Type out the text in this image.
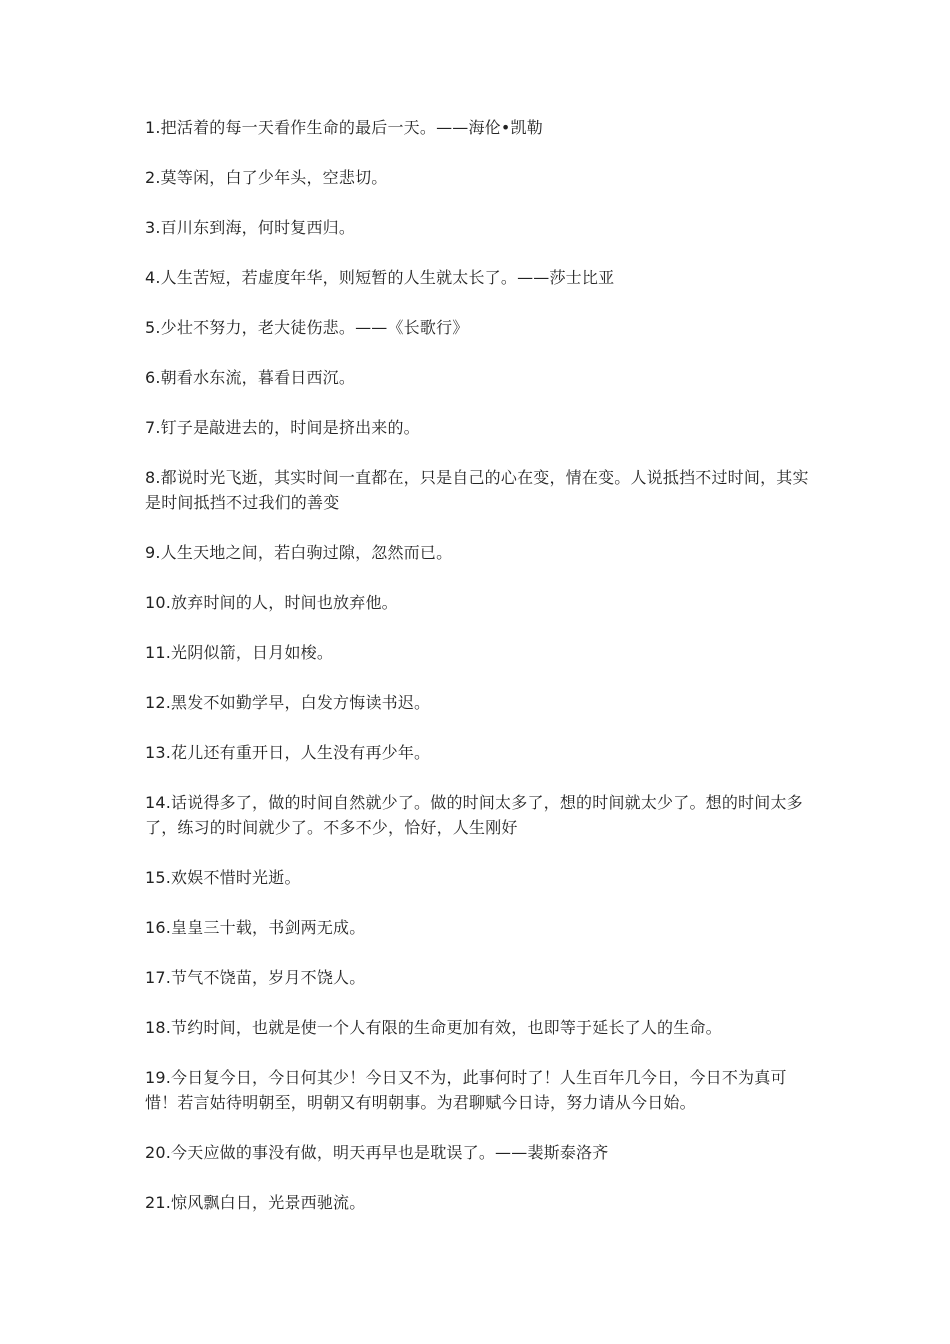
1.把活着的每一天看作生命的最后一天。——海伦•凯勒

2.莫等闲，白了少年头，空悲切。

3.百川东到海，何时复西归。

4.人生苦短，若虚度年华，则短暂的人生就太长了。——莎士比亚

5.少壮不努力，老大徒伤悲。——《长歌行》

6.朝看水东流，暮看日西沉。

7.钉子是敲进去的，时间是挤出来的。

8.都说时光飞逝，其实时间一直都在，只是自己的心在变，情在变。人说抵挡不过时间，其实是时间抵挡不过我们的善变

9.人生天地之间，若白驹过隙，忽然而已。

10.放弃时间的人，时间也放弃他。

11.光阴似箭，日月如梭。

12.黑发不如勤学早，白发方悔读书迟。

13.花儿还有重开日，人生没有再少年。

14.话说得多了，做的时间自然就少了。做的时间太多了，想的时间就太少了。想的时间太多了，练习的时间就少了。不多不少，恰好，人生刚好

15.欢娱不惜时光逝。

16.皇皇三十载，书剑两无成。

17.节气不饶苗，岁月不饶人。

18.节约时间，也就是使一个人有限的生命更加有效，也即等于延长了人的生命。

19.今日复今日，今日何其少！今日又不为，此事何时了！人生百年几今日，今日不为真可惜！若言姑待明朝至，明朝又有明朝事。为君聊赋今日诗，努力请从今日始。

20.今天应做的事没有做，明天再早也是耽误了。——裴斯泰洛齐

21.惊风飘白日，光景西驰流。
